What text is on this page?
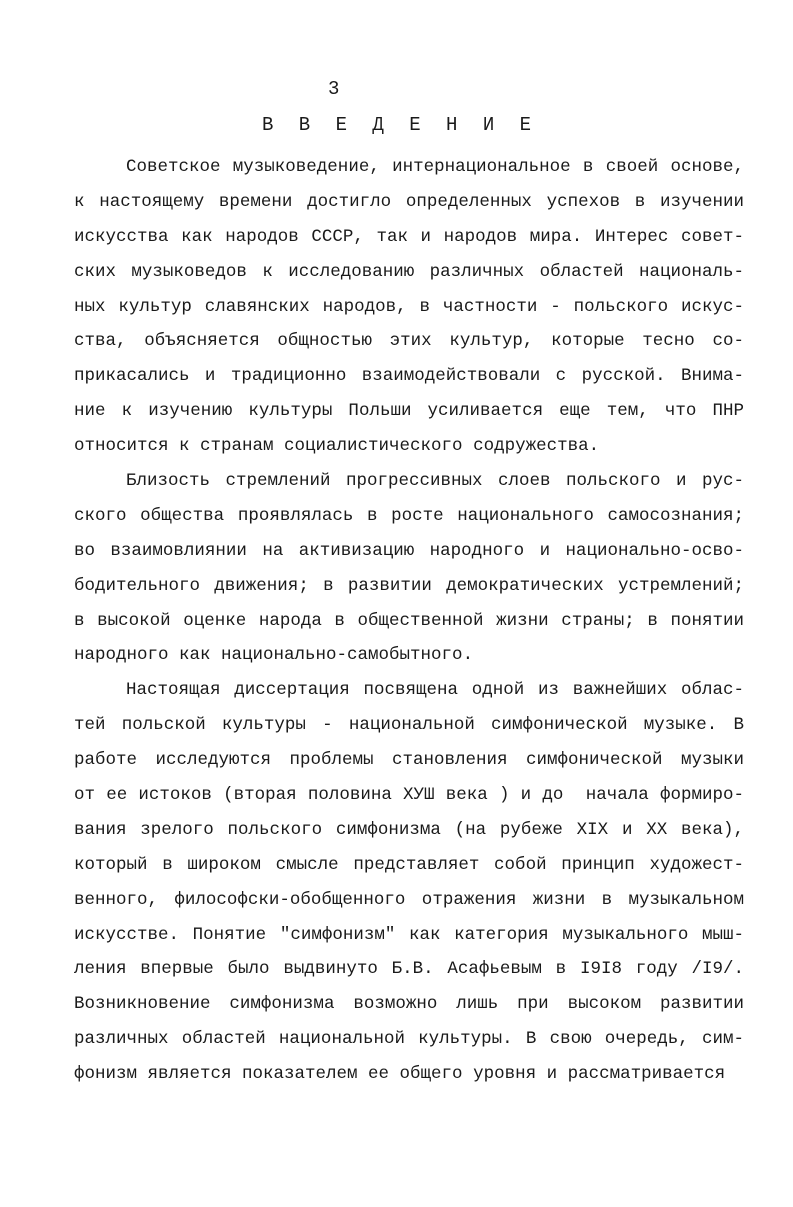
3
В В Е Д Е Н И Е

Советское музыковедение, интернациональное в своей основе,
к настоящему времени достигло определенных успехов в изучении
искусства как народов СССР, так и народов мира. Интерес совет-
ских музыковедов к исследованию различных областей националь-
ных культур славянских народов, в частности - польского искус-
ства, объясняется общностью этих культур, которые тесно со-
прикасались и традиционно взаимодействовали с русской. Внима-
ние к изучению культуры Польши усиливается еще тем, что ПНР
относится к странам социалистического содружества.

Близость стремлений прогрессивных слоев польского и рус-
ского общества проявлялась в росте национального самосознания;
во взаимовлиянии на активизацию народного и национально-осво-
бодительного движения; в развитии демократических устремлений;
в высокой оценке народа в общественной жизни страны; в понятии
народного как национально-самобытного.

Настоящая диссертация посвящена одной из важнейших облас-
тей польской культуры - национальной симфонической музыке. В
работе исследуются проблемы становления симфонической музыки
от ее истоков (вторая половина XУШ века ) и до  начала формиро-
вания зрелого польского симфонизма (на рубеже XIX и XX века),
который в широком смысле представляет собой принцип художест-
венного, философски-обобщенного отражения жизни в музыкальном
искусстве. Понятие "симфонизм" как категория музыкального мыш-
ления впервые было выдвинуто Б.В. Асафьевым в I9I8 году /I9/.
Возникновение симфонизма возможно лишь при высоком развитии
различных областей национальной культуры. В свою очередь, сим-
фонизм является показателем ее общего уровня и рассматривается
